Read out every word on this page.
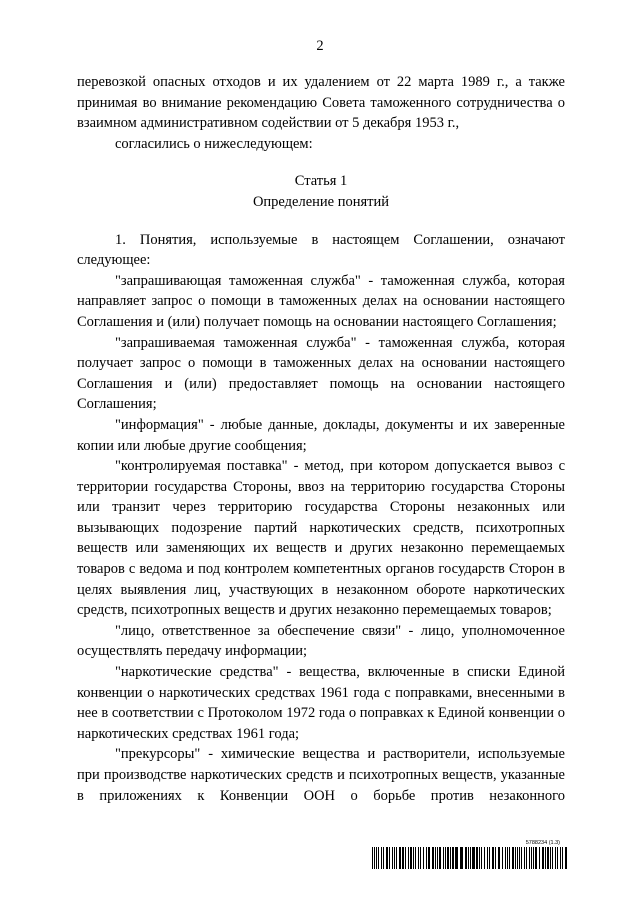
2

перевозкой опасных отходов и их удалением от 22 марта 1989 г., а также принимая во внимание рекомендацию Совета таможенного сотрудничества о взаимном административном содействии от 5 декабря 1953 г.,

согласились о нижеследующем:

Статья 1

Определение понятий

1. Понятия, используемые в настоящем Соглашении, означают следующее:

"запрашивающая таможенная служба" - таможенная служба, которая направляет запрос о помощи в таможенных делах на основании настоящего Соглашения и (или) получает помощь на основании настоящего Соглашения;

"запрашиваемая таможенная служба" - таможенная служба, которая получает запрос о помощи в таможенных делах на основании настоящего Соглашения и (или) предоставляет помощь на основании настоящего Соглашения;

"информация" - любые данные, доклады, документы и их заверенные копии или любые другие сообщения;

"контролируемая поставка" - метод, при котором допускается вывоз с территории государства Стороны, ввоз на территорию государства Стороны или транзит через территорию государства Стороны незаконных или вызывающих подозрение партий наркотических средств, психотропных веществ или заменяющих их веществ и других незаконно перемещаемых товаров с ведома и под контролем компетентных органов государств Сторон в целях выявления лиц, участвующих в незаконном обороте наркотических средств, психотропных веществ и других незаконно перемещаемых товаров;

"лицо, ответственное за обеспечение связи" - лицо, уполномоченное осуществлять передачу информации;

"наркотические средства" - вещества, включенные в списки Единой конвенции о наркотических средствах 1961 года с поправками, внесенными в нее в соответствии с Протоколом 1972 года о поправках к Единой конвенции о наркотических средствах 1961 года;

"прекурсоры" - химические вещества и растворители, используемые при производстве наркотических средств и психотропных веществ, указанные в приложениях к Конвенции ООН о борьбе против незаконного

5788234 (1.3)
